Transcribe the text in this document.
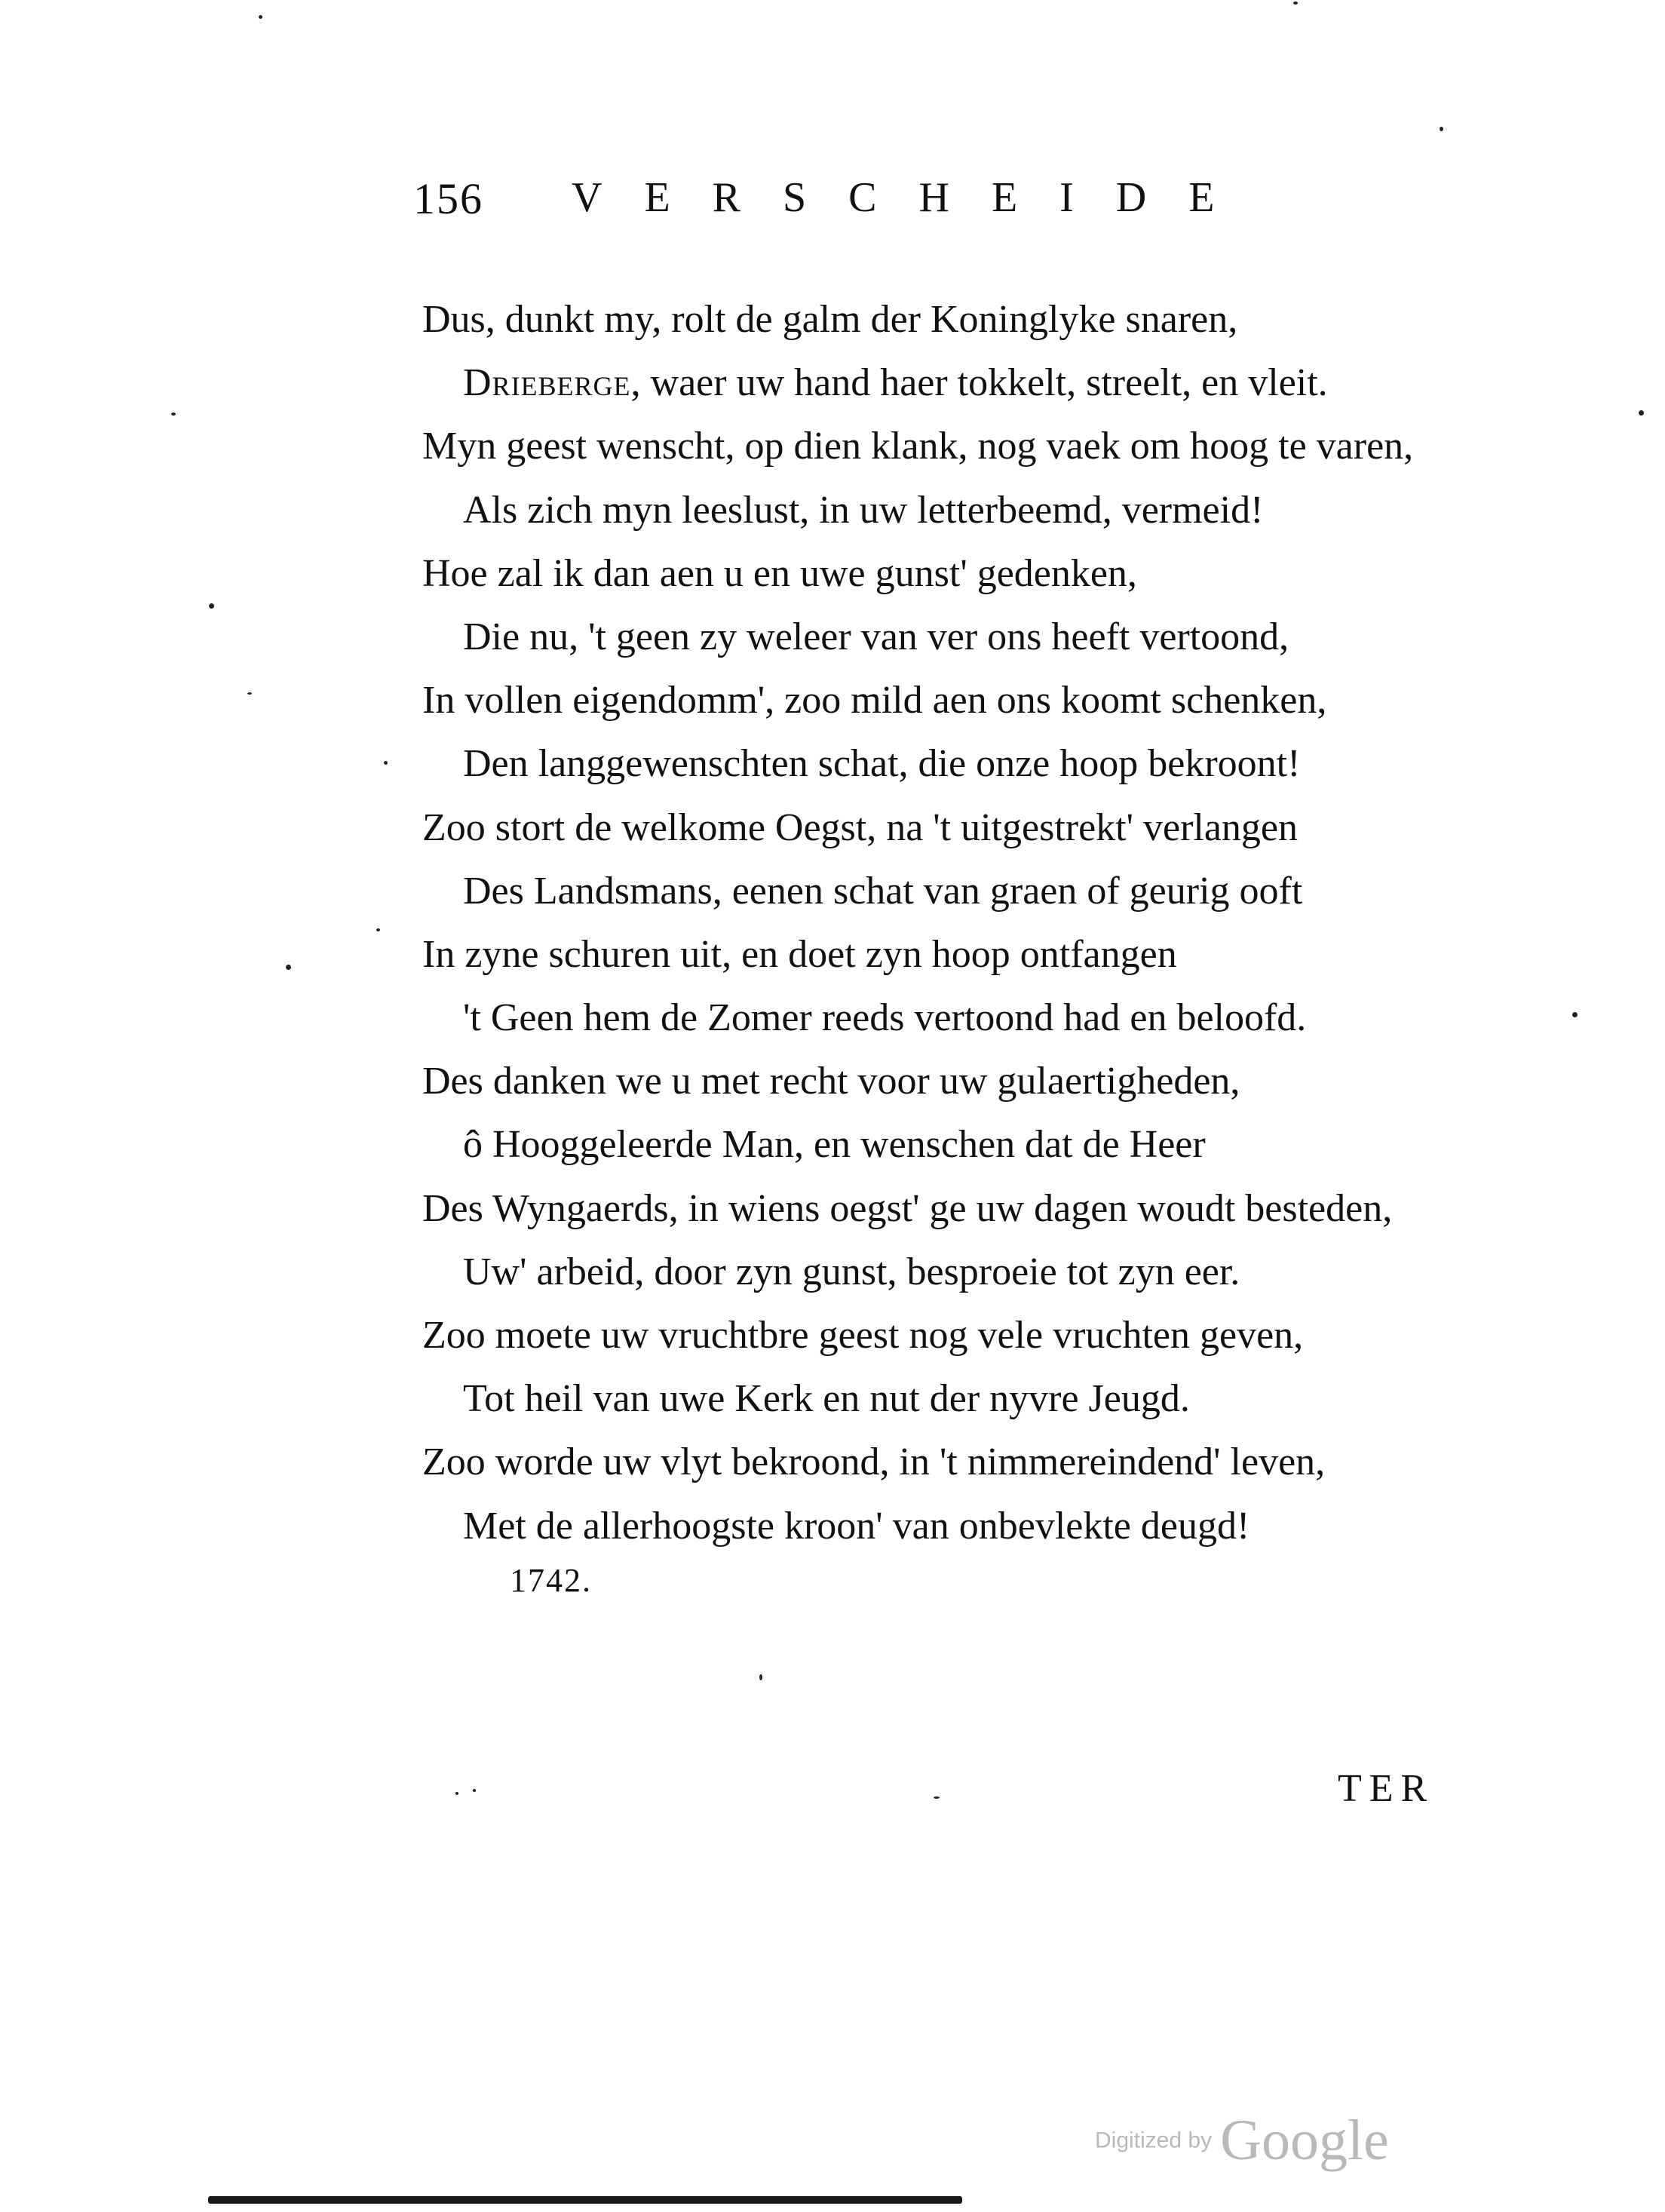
156 VERSCHEIDE

Dus, dunkt my, rolt de galm der Koninglyke snaren,

Drieberge, waer uw hand haer tokkelt, streelt, en vleit.

Myn geest wenscht, op dien klank, nog vaek om hoog te varen,

Als zich myn leeslust, in uw letterbeemd, vermeid!

Hoe zal ik dan aen u en uwe gunst' gedenken,

Die nu, 't geen zy weleer van ver ons heeft vertoond,

In vollen eigendomm', zoo mild aen ons koomt schenken,

Den langgewenschten schat, die onze hoop bekroont!

Zoo stort de welkome Oegst, na 't uitgestrekt' verlangen

Des Landsmans, eenen schat van graen of geurig ooft

In zyne schuren uit, en doet zyn hoop ontfangen

't Geen hem de Zomer reeds vertoond had en beloofd.

Des danken we u met recht voor uw gulaertigheden,

ô Hooggeleerde Man, en wenschen dat de Heer

Des Wyngaerds, in wiens oegst' ge uw dagen woudt besteden,

Uw' arbeid, door zyn gunst, besproeie tot zyn eer.

Zoo moete uw vruchtbre geest nog vele vruchten geven,

Tot heil van uwe Kerk en nut der nyvre Jeugd.

Zoo worde uw vlyt bekroond, in 't nimmereindend' leven,

Met de allerhoogste kroon' van onbevlekte deugd!

1742.
TER
Digitized by Google
